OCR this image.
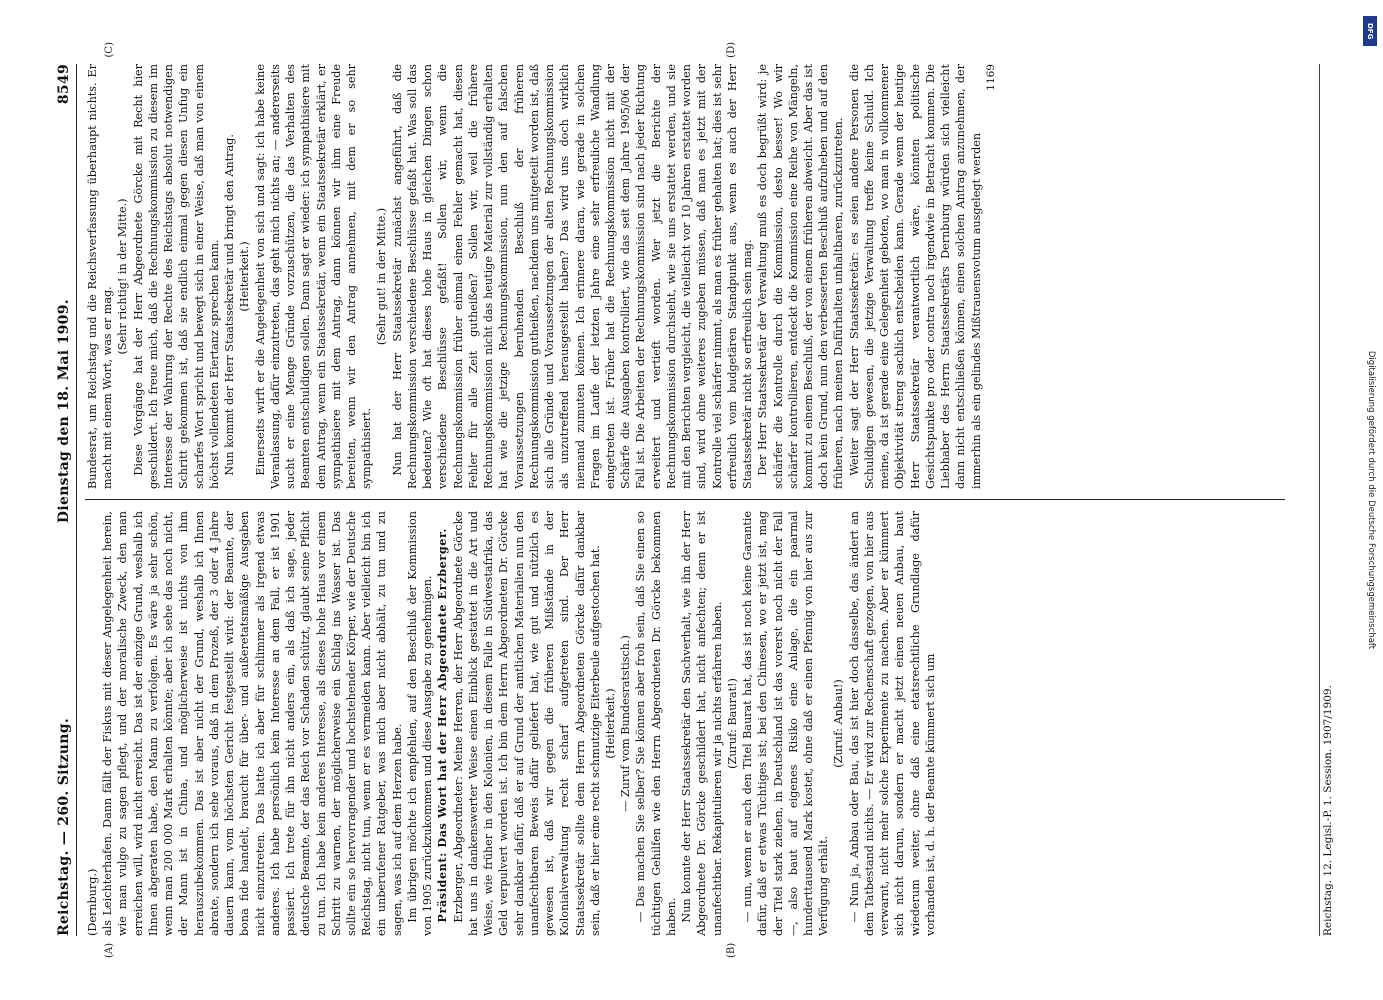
Reichstag. — 260. Sitzung.
Dienstag den 18. Mai 1909.
8549
(A)	(B)

(Dernburg.) als Leichterhafen. Dann fällt der Fiskus mit dieser Angelegenheit herein, wie man vulgo zu sagen pflegt, und der moralische Zweck, den man erreichen will, wird nicht erreicht. Das ist der einzige Grund, weshalb ich Ihnen abgeraten habe, den Mann zu verfolgen. Es wäre ja sehr schön, wenn man 200 000 Mark erhalten könnte; aber ich sehe das noch nicht, der Mann ist in China, und möglicherweise ist nichts von ihm herauszubekommen. Das ist aber nicht der Grund, weshalb ich Ihnen abrate, sondern ich sehe voraus, daß in dem Prozeß, der 3 oder 4 Jahre dauern kann, vom höchsten Gericht festgestellt wird: der Beamte, der bona fide handelt, braucht für über- und außeretatsmäßige Ausgaben nicht einzutreten. Das hatte ich aber für schlimmer als irgend etwas anderes. Ich habe persönlich kein Interesse an dem Fall, er ist 1901 passiert. Ich trete für ihn nicht anders ein, als daß ich sage, jeder deutsche Beamte, der das Reich vor Schaden schützt, glaubt seine Pflicht zu tun. Ich habe kein anderes Interesse, als dieses hohe Haus vor einem Schritt zu warnen, der möglicherweise ein Schlag ins Wasser ist. Das sollte ein so hervorragender und hochstehender Körper, wie der Deutsche Reichstag, nicht tun, wenn er es vermeiden kann. Aber vielleicht bin ich ein unberufener Ratgeber, was mich aber nicht abhält, zu tun und zu sagen, was ich auf dem Herzen habe. Im übrigen möchte ich empfehlen, auf den Beschluß der Kommission von 1905 zurückzukommen und diese Ausgabe zu genehmigen. Präsident: Das Wort hat der Herr Abgeordnete Erzberger. Erzberger, Abgeordneter: Meine Herren, der Herr Abgeordnete Görcke hat uns in dankenswerter Weise einen Einblick gestattet in die Art und Weise, wie früher in den Kolonien, in diesem Falle in Südwestafrika, das Geld verpulvert worden ist. Ich bin dem Herrn Abgeordneten Dr. Görcke sehr dankbar dafür, daß er auf Grund der amtlichen Materialien nun den unanfechtbaren Beweis dafür geliefert hat, wie gut und nützlich es gewesen ist, daß wir gegen die früheren Mißstände in der Kolonialverwaltung recht scharf aufgetreten sind. Der Herr Staatssekretär sollte dem Herrn Abgeordneten Görcke dafür dankbar sein, daß er hier eine recht schmutzige Eiterbeule aufgestochen hat. (Heiterkeit.) — Zuruf vom Bundesratstisch.) — Das machen Sie selber? Sie können aber froh sein, daß Sie einen so tüchtigen Gehilfen wie den Herrn Abgeordneten Dr. Görcke bekommen haben. Nun konnte der Herr Staatssekretär den Sachverhalt, wie ihn der Herr Abgeordnete Dr. Görcke geschildert hat, nicht anfechten; denn er ist unanfechtbar. Rekapitulieren wir ja nichts erfahren haben. (Zuruf: Baurat!) — nun, wenn er auch den Titel Baurat hat, das ist noch keine Garantie dafür, daß er etwas Tüchtiges ist; bei den Chinesen, wo er jetzt ist, mag der Titel stark ziehen, in Deutschland ist das vorerst noch nicht der Fall —, also baut auf eigenes Risiko eine Anlage, die ein paarmal hunderttausend Mark kostet, ohne daß er einen Pfennig von hier aus zur Verfügung erhält.

(Zuruf: Anbau!) — Nun ja, Anbau oder Bau, das ist hier doch dasselbe, das ändert an dem Tatbestand nichts. — Er wird zur Rechenschaft gezogen, von hier aus verwarnt, nicht mehr solche Experimente zu machen. Aber er kümmert sich nicht darum, sondern er macht jetzt einen neuen Anbau, baut wiederum weiter, ohne daß eine etatsrechtliche Grundlage dafür vorhanden ist, d. h. der Beamte kümmert sich um

(C)	(D)

Bundesrat, um Reichstag und die Reichsverfassung überhaupt nichts. Er macht mit einem Wort, was er mag.

(Sehr richtig! in der Mitte.) Diese Vorgänge hat der Herr Abgeordnete Görcke mit Recht hier geschildert. Ich freue mich, daß die Rechnungskommission zu diesem im Interesse der Wahrung der Rechte des Reichstags absolut notwendigen Schritt gekommen ist, daß sie endlich einmal gegen diesen Unfug ein scharfes Wort spricht und bewegt sich in einer Weise, daß man von einem höchst vollendeten Eiertanz sprechen kann. Nun kommt der Herr Staatssekretär und bringt den Antrag. (Heiterkeit.) Einerseits wirft er die Angelegenheit von sich und sagt: ich habe keine Veranlassung, dafür einzutreten, das geht mich nichts an; — andererseits sucht er eine Menge Gründe vorzuschützen, die das Verhalten des Beamten entschuldigen sollen. Dann sagt er wieder: ich sympathisiere mit dem Antrag, wenn ein Staatssekretär, wenn ein Staatssekretär erklärt, er sympathisiere mit dem Antrag, dann können wir ihm eine Freude bereiten, wenn wir den Antrag annehmen, mit dem er so sehr sympathisiert.

(Sehr gut! in der Mitte.) Nun hat der Herr Staatssekretär zunächst angeführt, daß die Rechnungskommission verschiedene Beschlüsse gefaßt hat. Was soll das bedeuten? Wie oft hat dieses hohe Haus in gleichen Dingen schon verschiedene Beschlüsse gefaßt! Sollen wir, wenn die Rechnungskommission früher einmal einen Fehler gemacht hat, diesen Fehler für alle Zeit gutheißen? Sollen wir, weil die frühere Rechnungskommission nicht das heutige Material zur vollständig erhalten hat wie die jetzige Rechnungskommission, nun den auf falschen Voraussetzungen beruhenden Beschluß der früheren Rechnungskommission gutheißen, nachdem uns mitgeteilt worden ist, daß sich alle Gründe und Voraussetzungen der alten Rechnungskommission als unzutreffend herausgestellt haben? Das wird uns doch wirklich niemand zumuten können. Ich erinnere daran, wie gerade in solchen Fragen im Laufe der letzten Jahre eine sehr erfreuliche Wandlung eingetreten ist. Früher hat die Rechnungskommission nicht mit der Schärfe die Ausgaben kontrolliert, wie das seit dem Jahre 1905/06 der Fall ist. Die Arbeiten der Rechnungskommission sind nach jeder Richtung erweitert und vertieft worden. Wer jetzt die Berichte der Rechnungskommission durchsieht, wie sie uns erstattet werden, und sie mit den Berichten vergleicht, die vielleicht vor 10 Jahren erstattet worden sind, wird ohne weiteres zugeben müssen, daß man es jetzt mit der Kontrolle viel schärfer nimmt, als man es früher gehalten hat; dies ist sehr erfreulich vom budgetären Standpunkt aus, wenn es auch der Herr Staatssekretär nicht so erfreulich sein mag. Der Herr Staatssekretär der Verwaltung muß es doch begrüßt wird: je schärfer die Kontrolle durch die Kommission, desto besser! Wo wir schärfer kontrollieren, entdeckt die Kommission eine Reihe von Mängeln, kommt zu einem Beschluß, der von einem früheren abweicht. Aber das ist doch kein Grund, nun den verbesserten Beschluß aufzuheben und auf den früheren, nach meinen Dafürhalten unhaltbaren, zurückzutreten. Weiter sagt der Herr Staatssekretär: es seien andere Personen die Schuldigen gewesen, die jetzige Verwaltung treffe keine Schuld. Ich meine, da ist gerade eine Gelegenheit geboten, wo man in vollkommener Objektivität streng sachlich entscheiden kann. Gerade wenn der heutige Herr Staatssekretär verantwortlich wäre, könnten politische Gesichtspunkte pro oder contra noch irgendwie in Betracht kommen. Die Liebhaber des Herrn Staatssekretärs Dernburg würden sich vielleicht dann nicht entschließen können, einen solchen Antrag anzunehmen, der immerhin als ein gelindes Mißtrauensvotum ausgelegt werden

1169
Reichstag. 12. Legisl.-P. 1. Session. 1907/1909.
DFG
Digitalisierung gefördert durch die Deutsche Forschungsgemeinschaft
